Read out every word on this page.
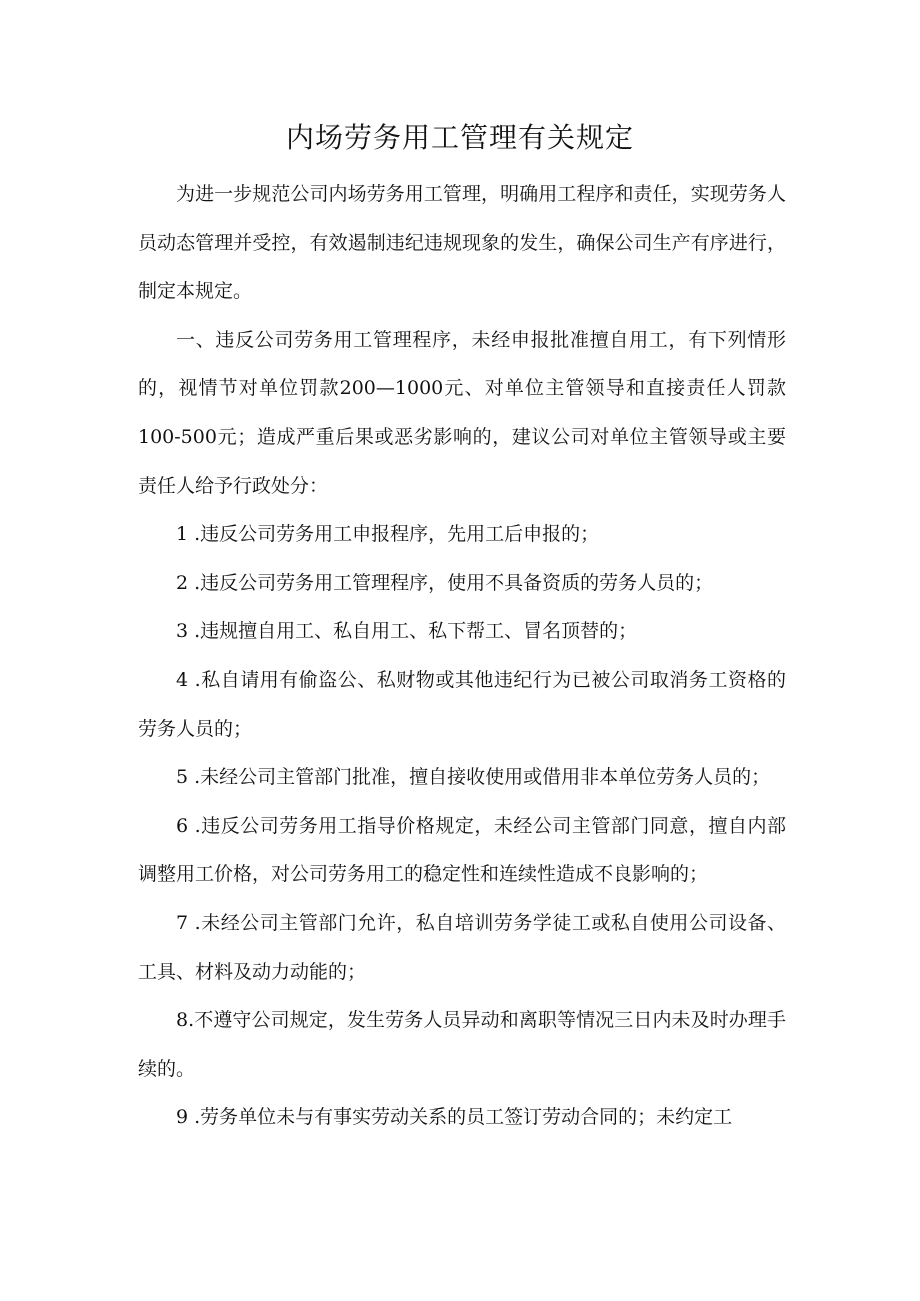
内场劳务用工管理有关规定

为进一步规范公司内场劳务用工管理，明确用工程序和责任，实现劳务人员动态管理并受控，有效遏制违纪违规现象的发生，确保公司生产有序进行，制定本规定。

一、违反公司劳务用工管理程序，未经申报批准擅自用工，有下列情形的，视情节对单位罚款200—1000元、对单位主管领导和直接责任人罚款100-500元；造成严重后果或恶劣影响的，建议公司对单位主管领导或主要责任人给予行政处分：

1 .违反公司劳务用工申报程序，先用工后申报的；

2 .违反公司劳务用工管理程序，使用不具备资质的劳务人员的；

3 .违规擅自用工、私自用工、私下帮工、冒名顶替的；

4 .私自请用有偷盗公、私财物或其他违纪行为已被公司取消务工资格的劳务人员的；

5 .未经公司主管部门批准，擅自接收使用或借用非本单位劳务人员的；

6 .违反公司劳务用工指导价格规定，未经公司主管部门同意，擅自内部调整用工价格，对公司劳务用工的稳定性和连续性造成不良影响的；

7 .未经公司主管部门允许，私自培训劳务学徒工或私自使用公司设备、工具、材料及动力动能的；

8.不遵守公司规定，发生劳务人员异动和离职等情况三日内未及时办理手续的。

9 .劳务单位未与有事实劳动关系的员工签订劳动合同的；未约定工
